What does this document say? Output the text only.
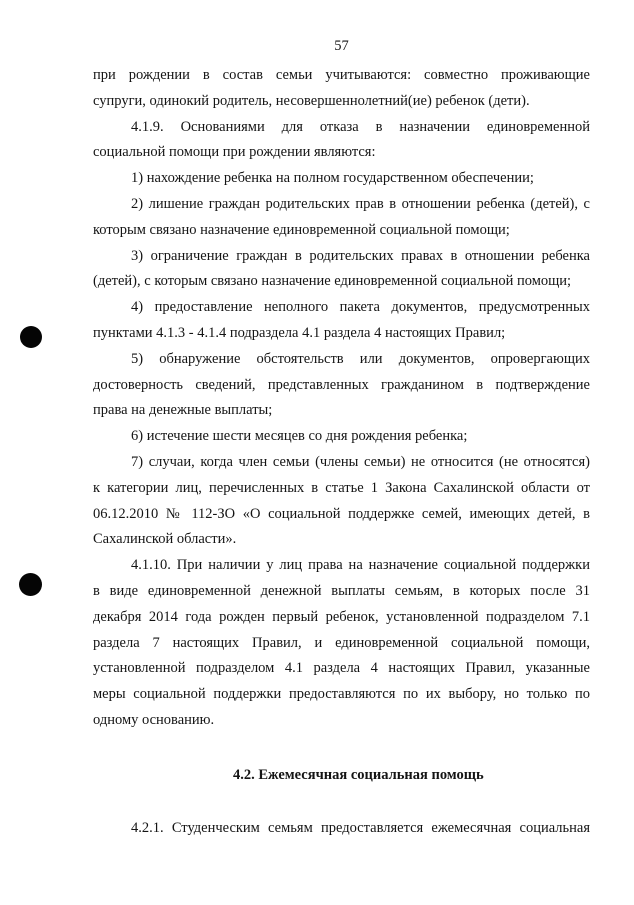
57
при рождении в состав семьи учитываются: совместно проживающие
супруги, одинокий родитель, несовершеннолетний(ие) ребенок (дети).
4.1.9. Основаниями для отказа в назначении единовременной
социальной помощи при рождении являются:
1) нахождение ребенка на полном государственном обеспечении;
2) лишение граждан родительских прав в отношении ребенка (детей), с
которым связано назначение единовременной социальной помощи;
3) ограничение граждан в родительских правах в отношении ребенка
(детей), с которым связано назначение единовременной социальной помощи;
4) предоставление неполного пакета документов, предусмотренных
пунктами 4.1.3 - 4.1.4 подраздела 4.1 раздела 4 настоящих Правил;
5) обнаружение обстоятельств или документов, опровергающих
достоверность сведений, представленных гражданином в подтверждение
права на денежные выплаты;
6) истечение шести месяцев со дня рождения ребенка;
7) случаи, когда член семьи (члены семьи) не относится (не относятся)
к категории лиц, перечисленных в статье 1 Закона Сахалинской области от
06.12.2010 № 112-ЗО «О социальной поддержке семей, имеющих детей, в
Сахалинской области».
4.1.10. При наличии у лиц права на назначение социальной поддержки
в виде единовременной денежной выплаты семьям, в которых после 31
декабря 2014 года рожден первый ребенок, установленной подразделом 7.1
раздела 7 настоящих Правил, и единовременной социальной помощи,
установленной подразделом 4.1 раздела 4 настоящих Правил, указанные
меры социальной поддержки предоставляются по их выбору, но только по
одному основанию.
4.2. Ежемесячная социальная помощь
4.2.1. Студенческим семьям предоставляется ежемесячная социальная
